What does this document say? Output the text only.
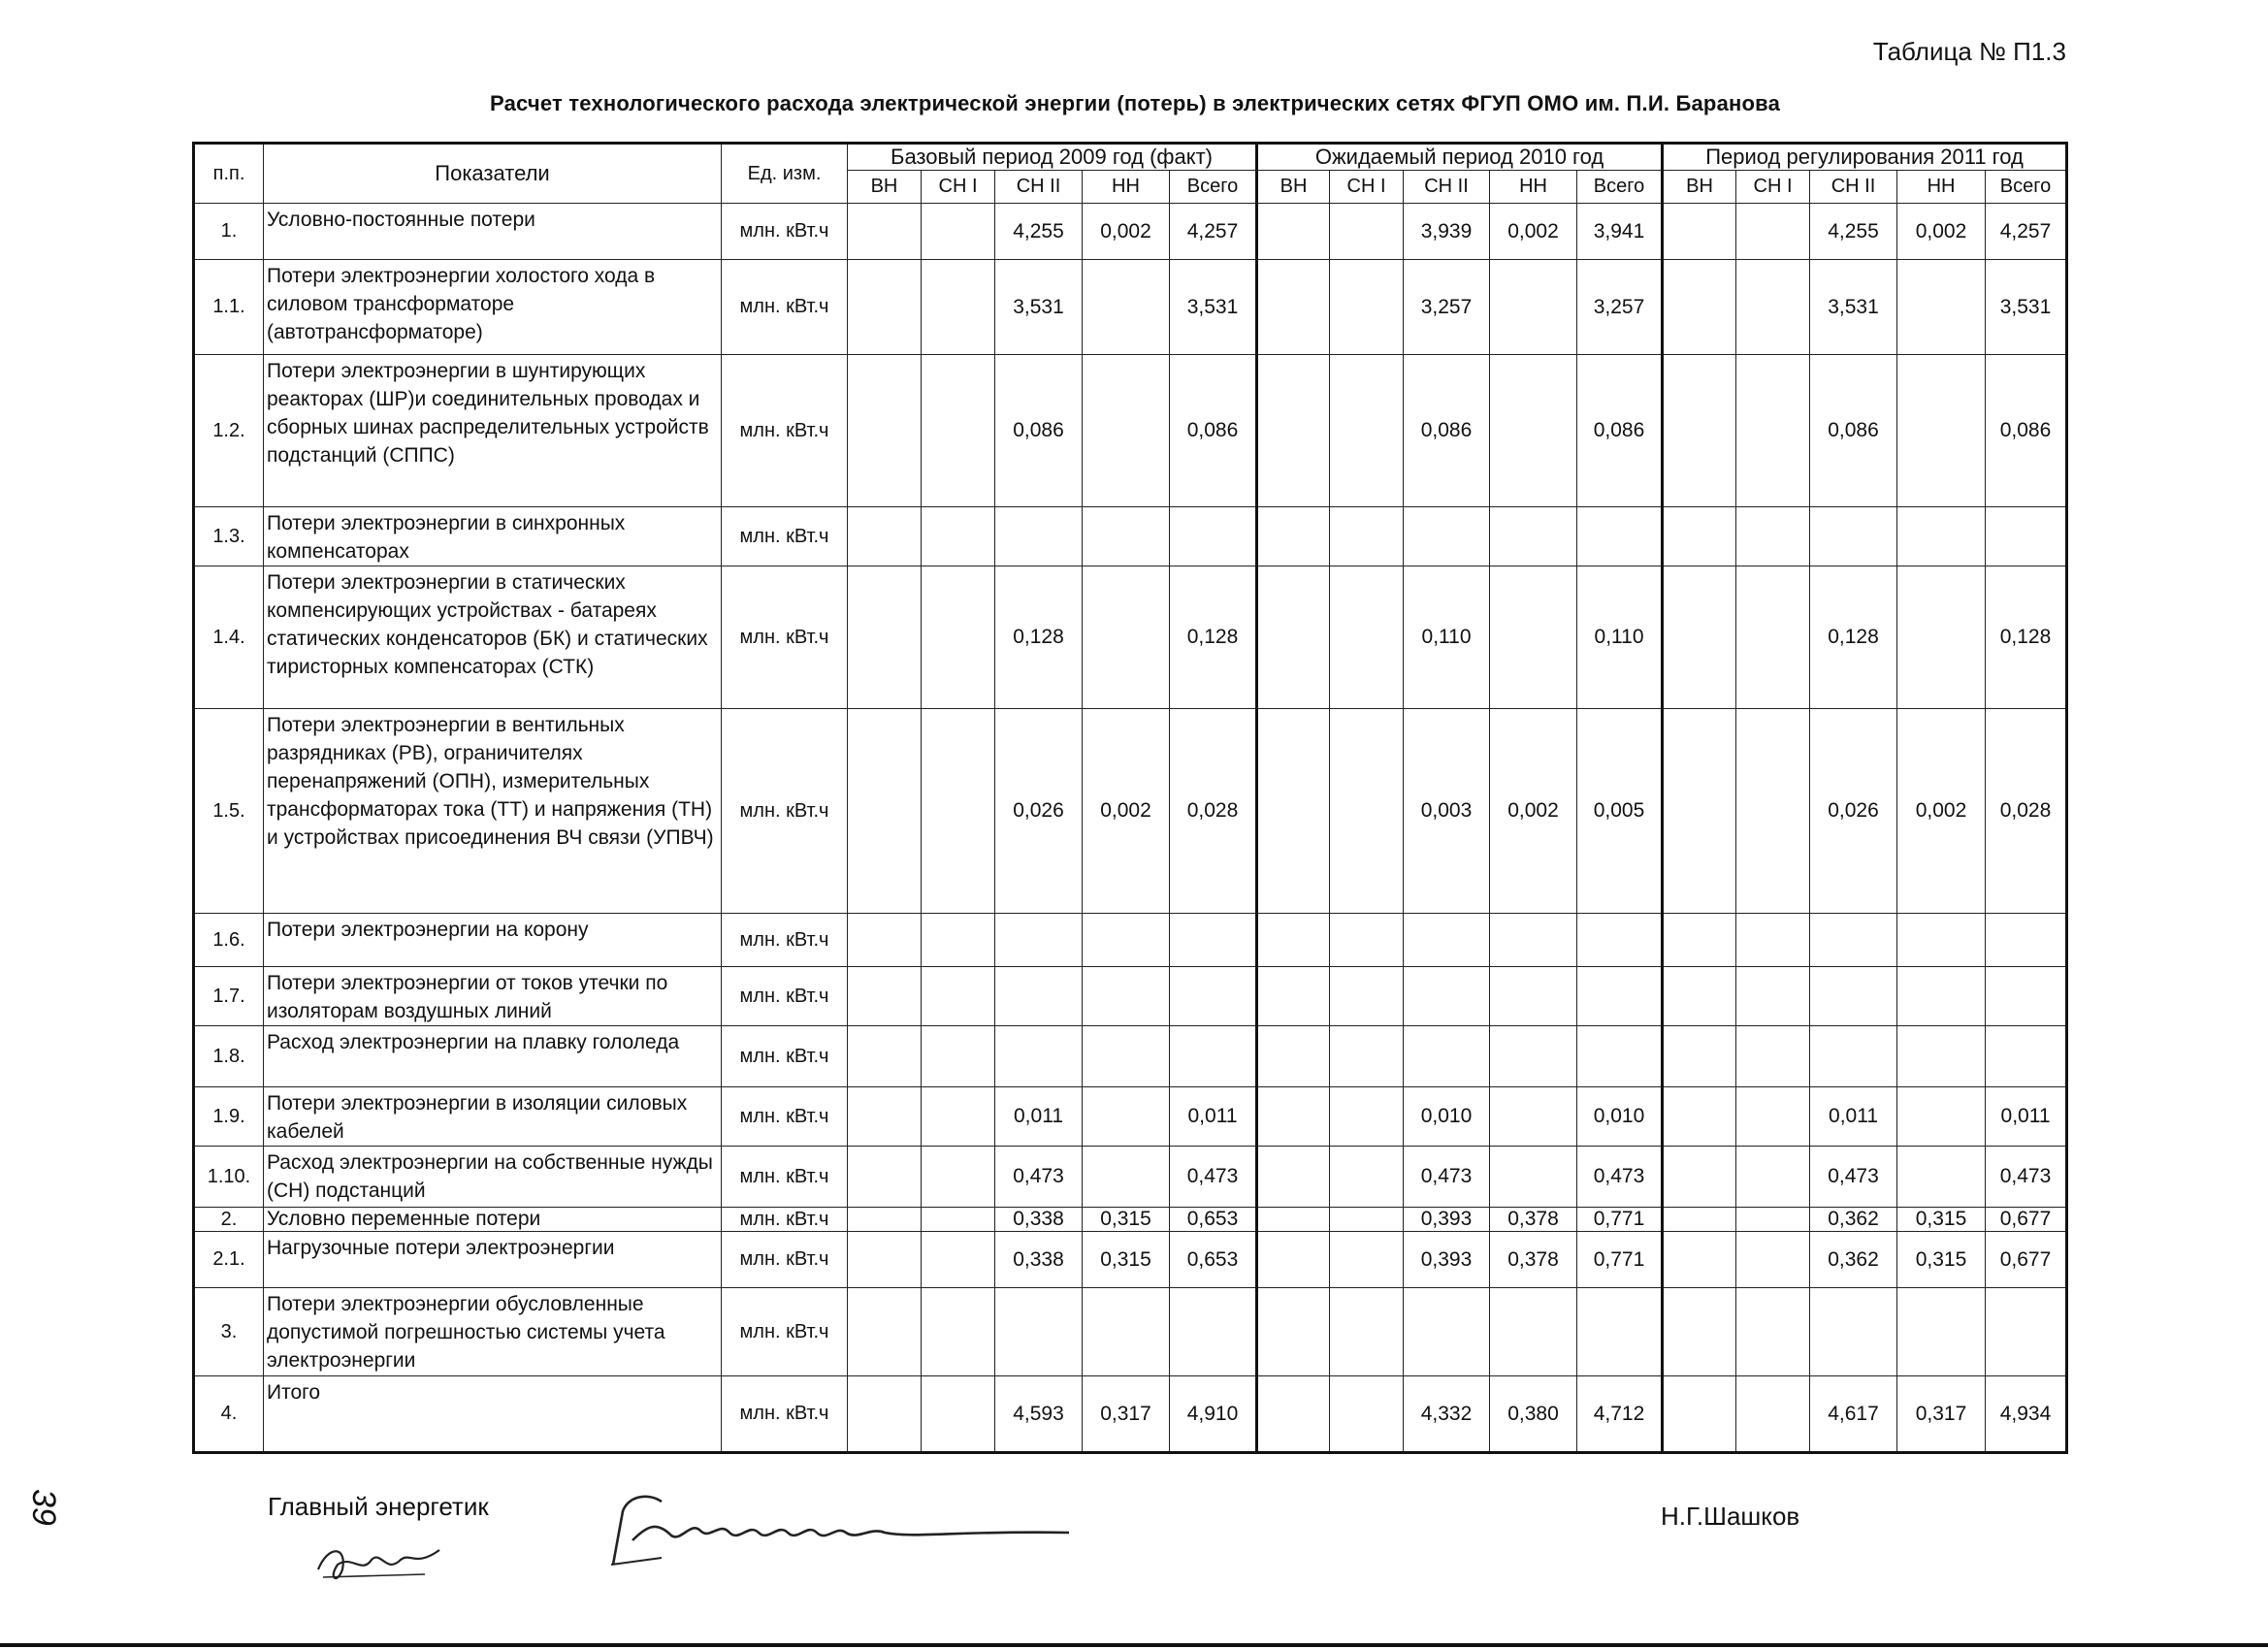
Таблица № П1.3
Расчет технологического расхода электрической энергии (потерь) в электрических сетях ФГУП ОМО им. П.И. Баранова
п.п.	Показатели	Ед. изм.	Базовый период 2009 год (факт)					Ожидаемый период 2010 год					Период регулирования 2011 год				
			ВН	СН I	СН II	НН	Всего	ВН	СН I	СН II	НН	Всего	ВН	СН I	СН II	НН	Всего
1.	Условно-постоянные потери	млн. кВт.ч			4,255	0,002	4,257			3,939	0,002	3,941			4,255	0,002	4,257
1.1.	Потери электроэнергии холостого хода в силовом трансформаторе (автотрансформаторе)	млн. кВт.ч			3,531		3,531			3,257		3,257			3,531		3,531
1.2.	Потери электроэнергии в шунтирующих реакторах (ШР)и соединительных проводах и сборных шинах распределительных устройств подстанций (СППС)	млн. кВт.ч			0,086		0,086			0,086		0,086			0,086		0,086
1.3.	Потери электроэнергии в синхронных компенсаторах	млн. кВт.ч															
1.4.	Потери электроэнергии в статических компенсирующих устройствах - батареях статических конденсаторов (БК) и статических тиристорных компенсаторах (СТК)	млн. кВт.ч			0,128		0,128			0,110		0,110			0,128		0,128
1.5.	Потери электроэнергии в вентильных разрядниках (РВ), ограничителях перенапряжений (ОПН), измерительных трансформаторах тока (ТТ) и напряжения (ТН) и устройствах присоединения ВЧ связи (УПВЧ)	млн. кВт.ч			0,026	0,002	0,028			0,003	0,002	0,005			0,026	0,002	0,028
1.6.	Потери электроэнергии на корону	млн. кВт.ч															
1.7.	Потери электроэнергии от токов утечки по изоляторам воздушных линий	млн. кВт.ч															
1.8.	Расход электроэнергии на плавку гололеда	млн. кВт.ч															
1.9.	Потери электроэнергии в изоляции силовых кабелей	млн. кВт.ч			0,011		0,011			0,010		0,010			0,011		0,011
1.10.	Расход электроэнергии на собственные нужды (СН) подстанций	млн. кВт.ч			0,473		0,473			0,473		0,473			0,473		0,473
2.	Условно переменные потери	млн. кВт.ч			0,338	0,315	0,653			0,393	0,378	0,771			0,362	0,315	0,677
2.1.	Нагрузочные потери электроэнергии	млн. кВт.ч			0,338	0,315	0,653			0,393	0,378	0,771			0,362	0,315	0,677
3.	Потери электроэнергии обусловленные допустимой погрешностью системы учета электроэнергии	млн. кВт.ч															
4.	Итого	млн. кВт.ч			4,593	0,317	4,910			4,332	0,380	4,712			4,617	0,317	4,934
Главный энергетик	Н.Г.Шашков
39
